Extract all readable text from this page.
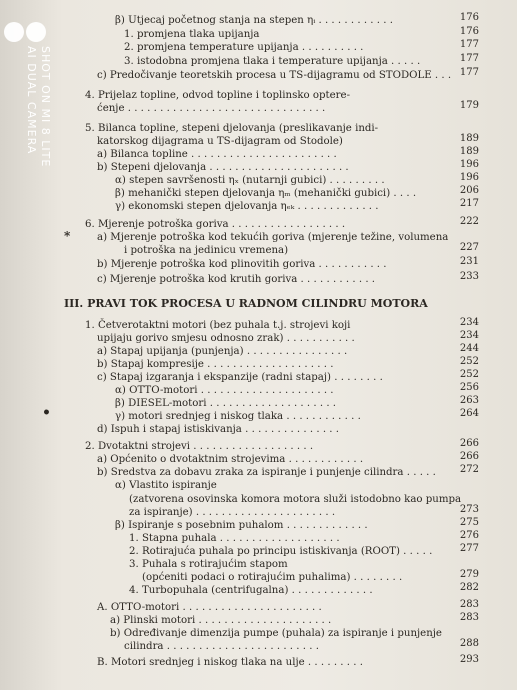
β) Utjecaj početnog stanja na stepen ηᵢ . . . . . . . . . . . .	176
1. promjena tlaka upijanja	176
2. promjena temperature upijanja . . . . . . . . . .	177
3. istodobna promjena tlaka i temperature upijanja . . . . .	177
c) Predočivanje teoretskih procesa u TS-dijagramu od STODOLE . . . 177
4. Prijelaz topline, odvod topline i toplinsko optere-
ćenje . . . . . . . . . . . . . . . . . . . . . . . . . . . . . . .	179
5. Bilanca topline, stepeni djelovanja (preslikavanje indi-
katorskog dijagrama u TS-dijagram od Stodole)	189
a) Bilanca topline . . . . . . . . . . . . . . . . . . . . . . .	189
b) Stepeni djelovanja . . . . . . . . . . . . . . . . . . . . . .	196
α) stepen savršenosti ηₓ (nutarnji gubici) . . . . . . . . .	196
β) mehanički stepen djelovanja ηₘ (mehanički gubici) . . . .	206
γ) ekonomski stepen djelovanja ηₑₖ . . . . . . . . . . . . .	217
6. Mjerenje potroška goriva . . . . . . . . . . . . . . . . . .	222
a) Mjerenje potroška kod tekućih goriva (mjerenje težine, volumena
i potroška na jedinicu vremena)	227
b) Mjerenje potroška kod plinovitih goriva . . . . . . . . . . .	231
c) Mjerenje potroška kod krutih goriva . . . . . . . . . . . .	233
III. PRAVI TOK PROCESA U RADNOM CILINDRU MOTORA
1. Četverotaktni motori (bez puhala t.j. strojevi koji	234
upijaju gorivo smjesu odnosno zrak) . . . . . . . . . . .	234
a) Stapaj upijanja (punjenja) . . . . . . . . . . . . . . . .	244
b) Stapaj kompresije . . . . . . . . . . . . . . . . . . . .	252
c) Stapaj izgaranja i ekspanzije (radni stapaj) . . . . . . . .	252
α) OTTO-motori . . . . . . . . . . . . . . . . . . . . .	256
β) DIESEL-motori . . . . . . . . . . . . . . . . . . . .	263
γ) motori srednjeg i niskog tlaka . . . . . . . . . . . .	264
d) Ispuh i stapaj istiskivanja . . . . . . . . . . . . . . .
2. Dvotaktni strojevi . . . . . . . . . . . . . . . . . . .	266
a) Općenito o dvotaktnim strojevima . . . . . . . . . . . .	266
b) Sredstva za dobavu zraka za ispiranje i punjenje cilindra . . . . . 272
α) Vlastito ispiranje
(zatvorena osovinska komora motora služi istodobno kao pumpa
za ispiranje) . . . . . . . . . . . . . . . . . . . . . .	273
β) Ispiranje s posebnim puhalom . . . . . . . . . . . . .	275
1. Stapna puhala . . . . . . . . . . . . . . . . . . .	276
2. Rotirajuća puhala po principu istiskivanja (ROOT) . . . . .	277
3. Puhala s rotirajućim stapom
(općeniti podaci o rotirajućim puhalima) . . . . . . . .	279
4. Turbopuhala (centrifugalna) . . . . . . . . . . . . .	282
A. OTTO-motori . . . . . . . . . . . . . . . . . . . . . .	283
a) Plinski motori . . . . . . . . . . . . . . . . . . . . .	283
b) Određivanje dimenzija pumpe (puhala) za ispiranje i punjenje
cilindra . . . . . . . . . . . . . . . . . . . . . . . .	288
B. Motori srednjeg i niskog tlaka na ulje . . . . . . . . .	293
*
•
SHOT ON MI 8 LITE
AI DUAL CAMERA
